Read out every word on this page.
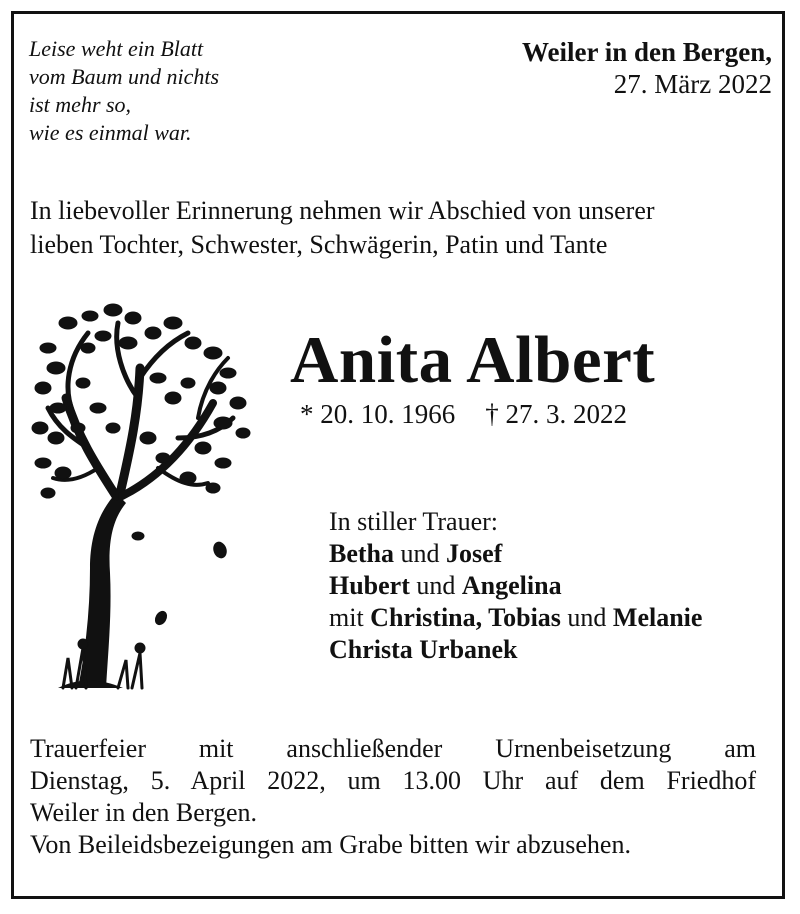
Leise weht ein Blatt
vom Baum und nichts
ist mehr so,
wie es einmal war.
Weiler in den Bergen,
27. März 2022
In liebevoller Erinnerung nehmen wir Abschied von unserer
lieben Tochter, Schwester, Schwägerin, Patin und Tante
Anita Albert
* 20. 10. 1966 † 27. 3. 2022
In stiller Trauer:
Betha und Josef
Hubert und Angelina
mit Christina, Tobias und Melanie
Christa Urbanek
Trauerfeier mit anschließender Urnenbeisetzung am
Dienstag, 5. April 2022, um 13.00 Uhr auf dem Friedhof
Weiler in den Bergen.
Von Beileidsbezeigungen am Grabe bitten wir abzusehen.
